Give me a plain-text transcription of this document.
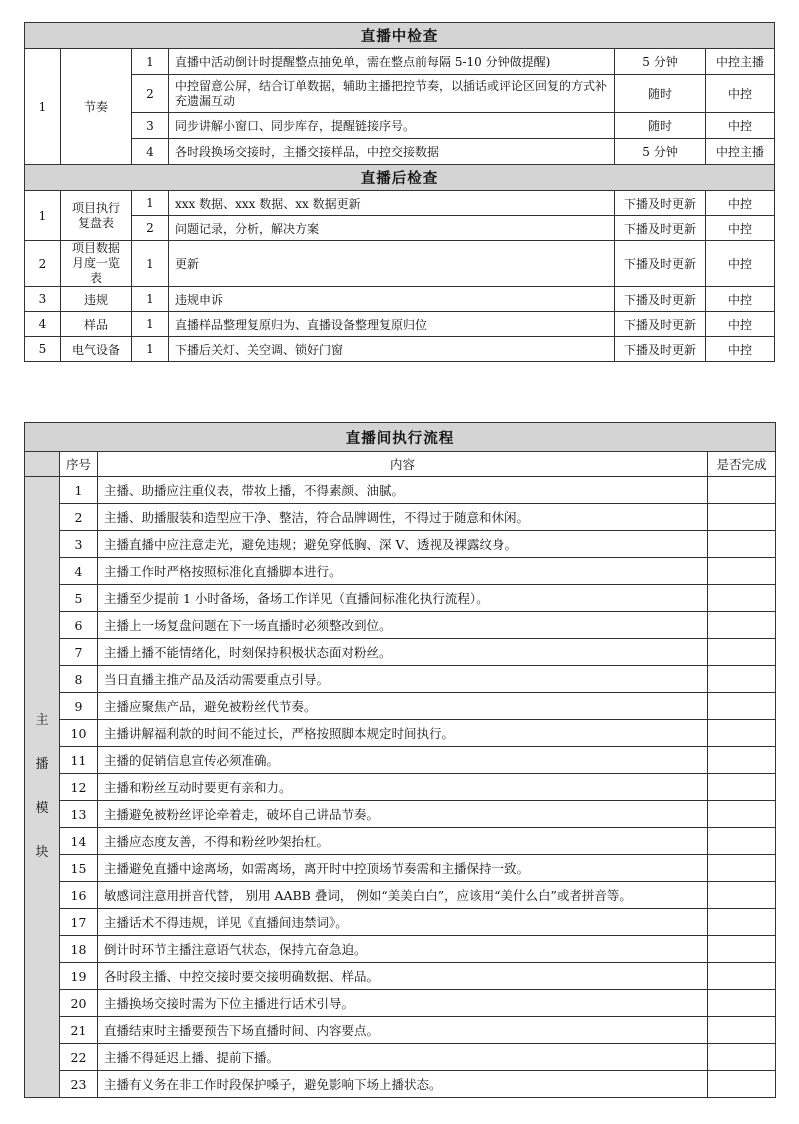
直播中检查					
1	节奏	1	直播中活动倒计时提醒整点抽免单，需在整点前每隔 5-10 分钟做提醒)	5 分钟	中控主播
		2	中控留意公屏，结合订单数据，辅助主播把控节奏，以插话或评论区回复的方式补充遗漏互动	随时	中控
		3	同步讲解小窗口、同步库存，提醒链接序号。	随时	中控
		4	各时段换场交接时，主播交接样品，中控交接数据	5 分钟	中控主播
直播后检查					
1	项目执行复盘表	1	xxx 数据、xxx 数据、xx 数据更新	下播及时更新	中控
		2	问题记录，分析，解决方案	下播及时更新	中控
2	项目数据月度一览表	1	更新	下播及时更新	中控
3	违规	1	违规申诉	下播及时更新	中控
4	样品	1	直播样品整理复原归为、直播设备整理复原归位	下播及时更新	中控
5	电气设备	1	下播后关灯、关空调、锁好门窗	下播及时更新	中控
直播间执行流程			
	序号	内容	是否完成

主
播
模
块	1	主播、助播应注重仪表，带妆上播，不得素颜、油腻。	
	2	主播、助播服装和造型应干净、整洁，符合品牌调性，不得过于随意和休闲。	
	3	主播直播中应注意走光，避免违规；避免穿低胸、深 V、透视及裸露纹身。	
	4	主播工作时严格按照标准化直播脚本进行。	
	5	主播至少提前 1 小时备场，备场工作详见（直播间标准化执行流程）。	
	6	主播上一场复盘问题在下一场直播时必须整改到位。	
	7	主播上播不能情绪化，时刻保持积极状态面对粉丝。	
	8	当日直播主推产品及活动需要重点引导。	
	9	主播应聚焦产品，避免被粉丝代节奏。	
	10	主播讲解福利款的时间不能过长，严格按照脚本规定时间执行。	
	11	主播的促销信息宣传必须准确。	
	12	主播和粉丝互动时要更有亲和力。	
	13	主播避免被粉丝评论牵着走，破坏自己讲品节奏。	
	14	主播应态度友善，不得和粉丝吵架抬杠。	
	15	主播避免直播中途离场，如需离场，离开时中控顶场节奏需和主播保持一致。	
	16	敏感词注意用拼音代替， 别用 AABB 叠词， 例如“美美白白”，应该用“美什么白”或者拼音等。	
	17	主播话术不得违规，详见《直播间违禁词》。	
	18	倒计时环节主播注意语气状态，保持亢奋急迫。	
	19	各时段主播、中控交接时要交接明确数据、样品。	
	20	主播换场交接时需为下位主播进行话术引导。	
	21	直播结束时主播要预告下场直播时间、内容要点。	
	22	主播不得延迟上播、提前下播。	
	23	主播有义务在非工作时段保护嗓子，避免影响下场上播状态。	
